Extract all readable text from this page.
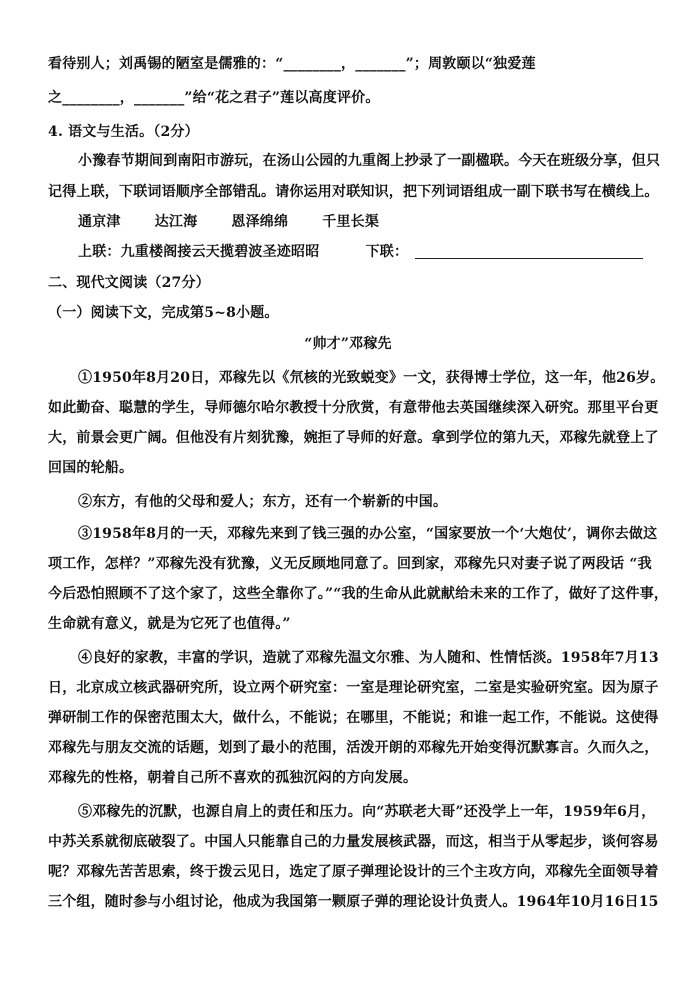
看待别人；刘禹锡的陋室是儒雅的：“________，_______”；周敦颐以“独爱莲
之________，_______”给“花之君子”莲以高度评价。
4. 语文与生活。（2分）
小豫春节期间到南阳市游玩，在汤山公园的九重阁上抄录了一副楹联。今天在班级分享，但只
记得上联，下联词语顺序全部错乱。请你运用对联知识，把下列词语组成一副下联书写在横线上。
通京津 达江海 恩泽绵绵 千里长渠
上联：九重楼阁接云天揽碧波圣迹昭昭	下联：
二、现代文阅读（27分）
（一）阅读下文，完成第5~8小题。
“帅才”邓稼先
①1950年8月20日，邓稼先以《氘核的光致蜕变》一文，获得博士学位，这一年，他26岁。
如此勤奋、聪慧的学生，导师德尔哈尔教授十分欣赏，有意带他去英国继续深入研究。那里平台更
大，前景会更广阔。但他没有片刻犹豫，婉拒了导师的好意。拿到学位的第九天，邓稼先就登上了
回国的轮船。
②东方，有他的父母和爱人；东方，还有一个崭新的中国。
③1958年8月的一天，邓稼先来到了钱三强的办公室，“国家要放一个‘大炮仗’，调你去做这
项工作，怎样？”邓稼先没有犹豫，义无反顾地同意了。回到家，邓稼先只对妻子说了两段话 “我
今后恐怕照顾不了这个家了，这些全靠你了。”“我的生命从此就献给未来的工作了，做好了这件事，
生命就有意义，就是为它死了也值得。”
④良好的家教，丰富的学识，造就了邓稼先温文尔雅、为人随和、性情恬淡。1958年7月13
日，北京成立核武器研究所，设立两个研究室：一室是理论研究室，二室是实验研究室。因为原子
弹研制工作的保密范围太大，做什么，不能说；在哪里，不能说；和谁一起工作，不能说。这使得
邓稼先与朋友交流的话题，划到了最小的范围，活泼开朗的邓稼先开始变得沉默寡言。久而久之，
邓稼先的性格，朝着自己所不喜欢的孤独沉闷的方向发展。
⑤邓稼先的沉默，也源自肩上的责任和压力。向“苏联老大哥”还没学上一年，1959年6月，
中苏关系就彻底破裂了。中国人只能靠自己的力量发展核武器，而这，相当于从零起步，谈何容易
呢？邓稼先苦苦思索，终于拨云见日，选定了原子弹理论设计的三个主攻方向，邓稼先全面领导着
三个组，随时参与小组讨论，他成为我国第一颗原子弹的理论设计负责人。1964年10月16日15
